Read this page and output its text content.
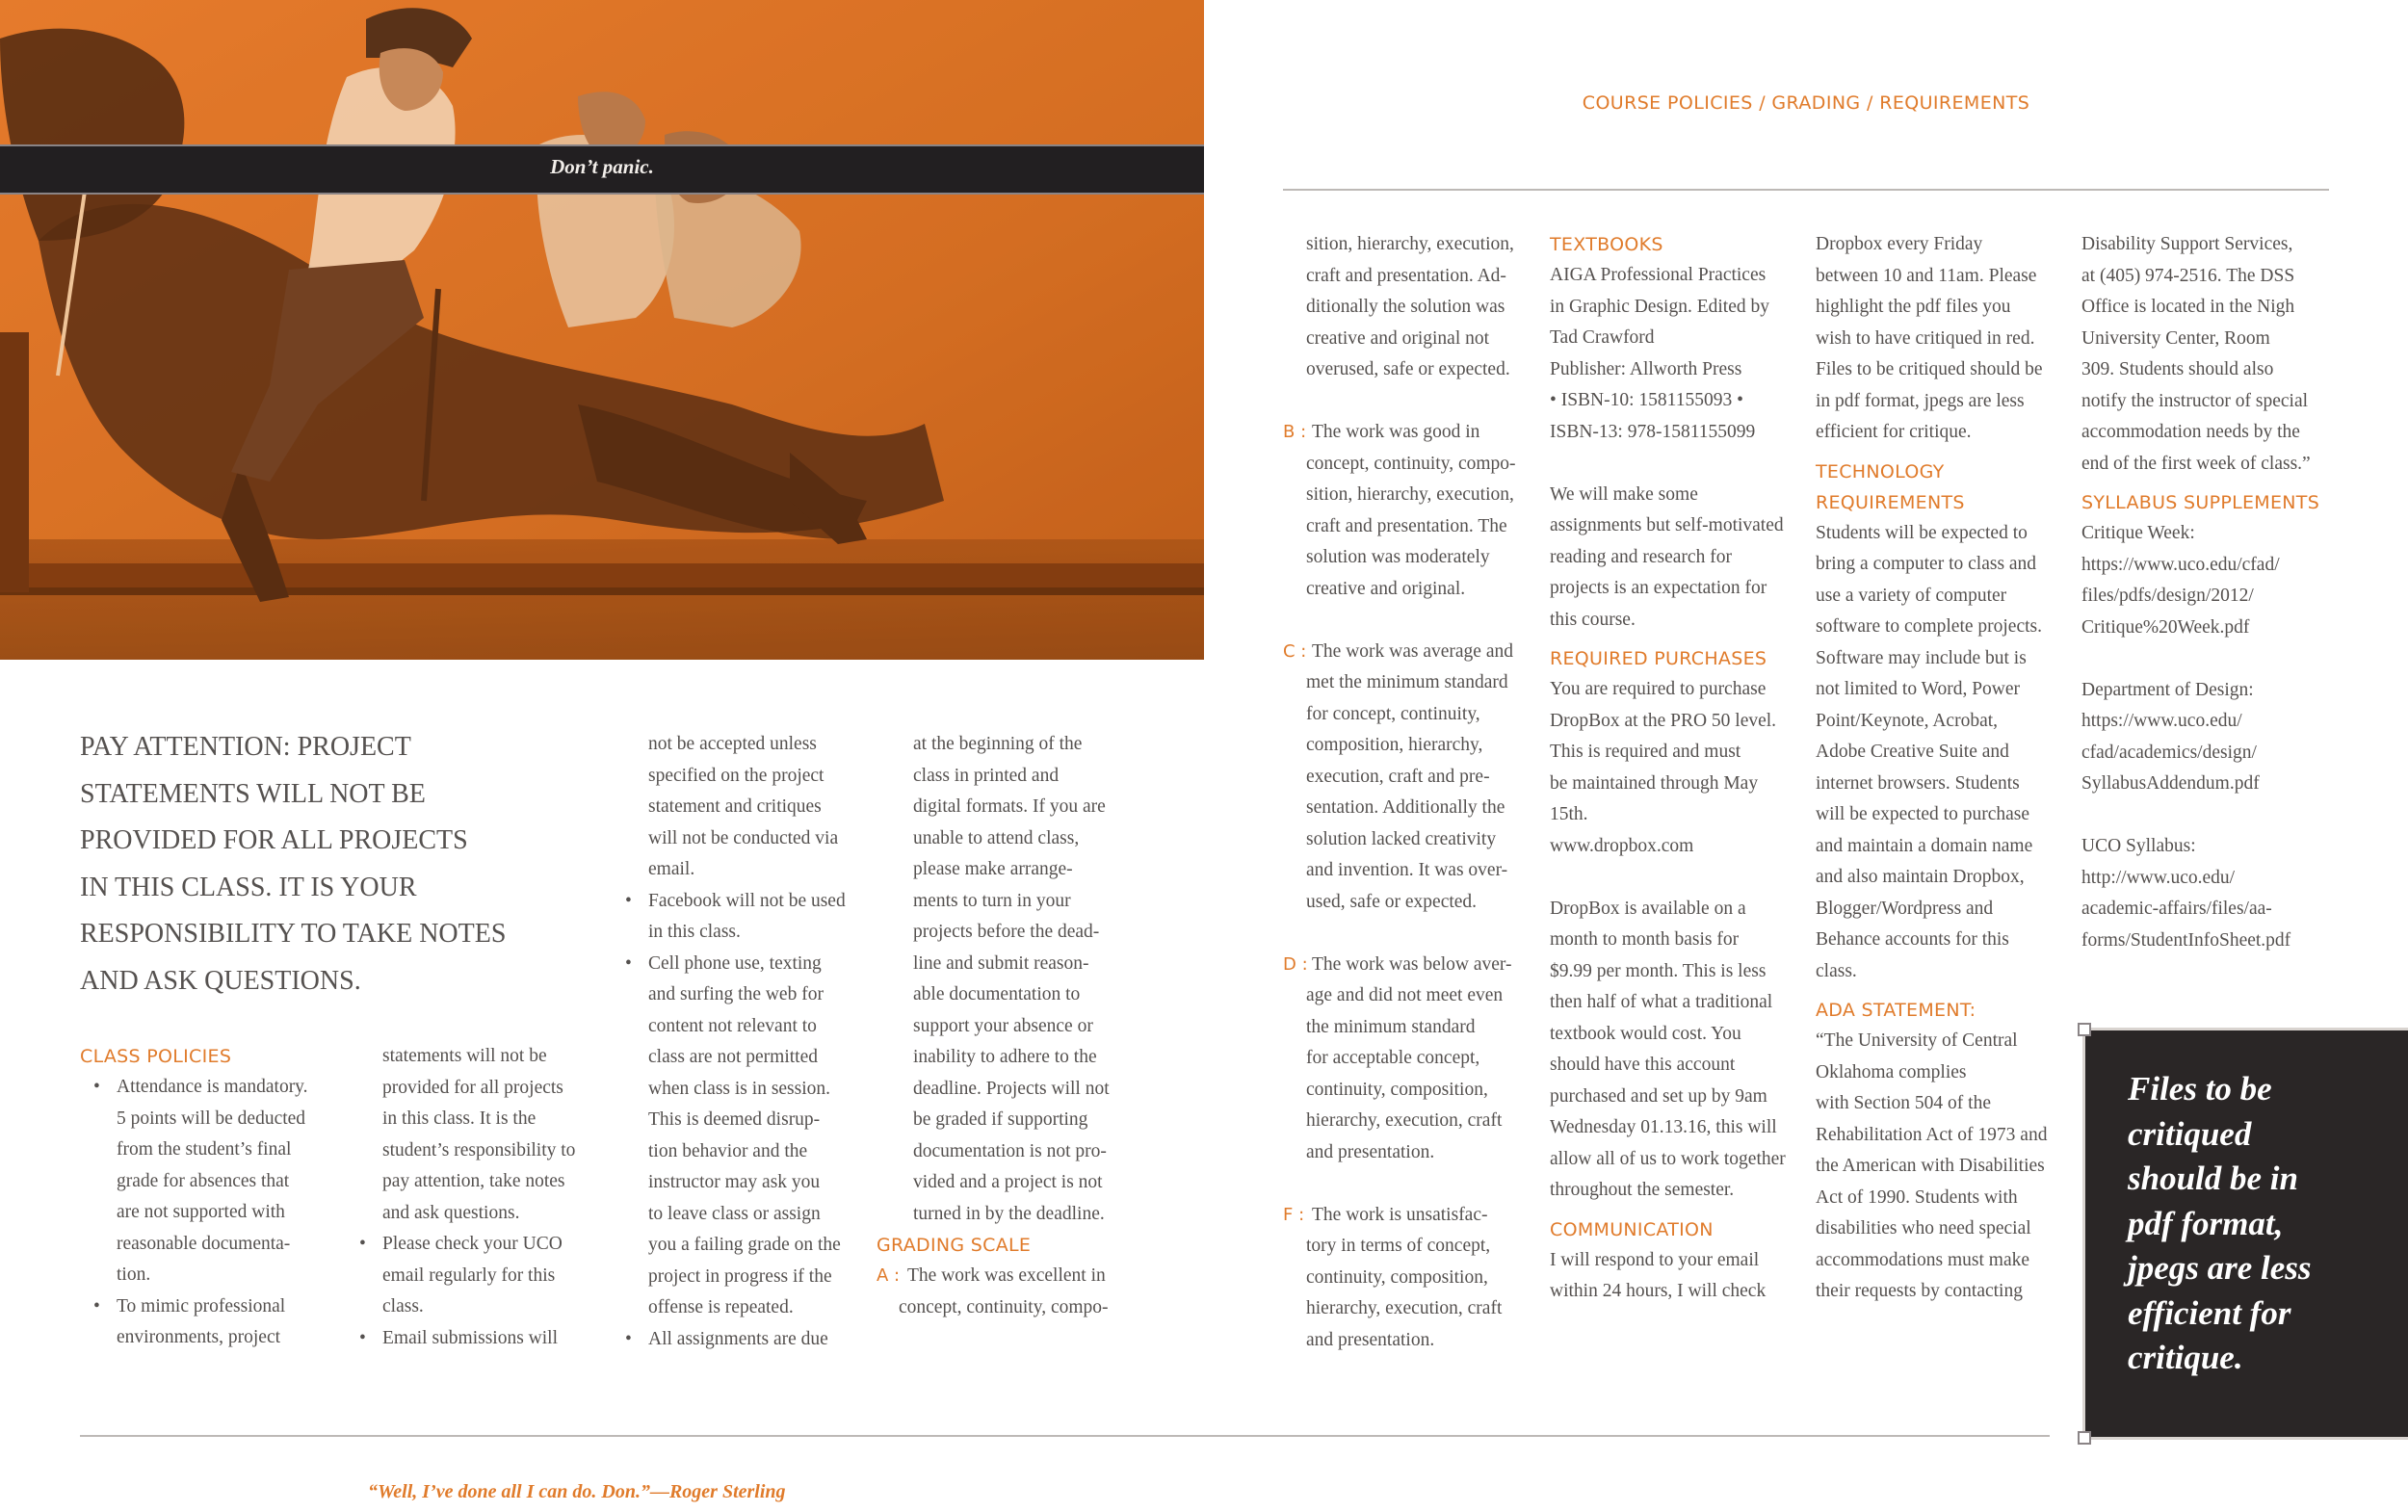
Don’t panic.
PAY ATTENTION: PROJECT
STATEMENTS WILL NOT BE
PROVIDED FOR ALL PROJECTS
IN THIS CLASS. IT IS YOUR
RESPONSIBILITY TO TAKE NOTES
AND ASK QUESTIONS.
CLASS POLICIES
• Attendance is mandatory.
5 points will be deducted
from the student’s final
grade for absences that
are not supported with
reasonable documenta-
tion.
• To mimic professional
environments, project
statements will not be
provided for all projects
in this class. It is the
student’s responsibility to
pay attention, take notes
and ask questions.
• Please check your UCO
email regularly for this
class.
• Email submissions will
not be accepted unless
specified on the project
statement and critiques
will not be conducted via
email.
• Facebook will not be used
in this class.
• Cell phone use, texting
and surfing the web for
content not relevant to
class are not permitted
when class is in session.
This is deemed disrup-
tion behavior and the
instructor may ask you
to leave class or assign
you a failing grade on the
project in progress if the
offense is repeated.
• All assignments are due
at the beginning of the
class in printed and
digital formats. If you are
unable to attend class,
please make arrange-
ments to turn in your
projects before the dead-
line and submit reason-
able documentation to
support your absence or
inability to adhere to the
deadline. Projects will not
be graded if supporting
documentation is not pro-
vided and a project is not
turned in by the deadline.
GRADING SCALE
A : The work was excellent in
concept, continuity, compo-
“Well, I’ve done all I can do. Don.”—Roger Sterling
COURSE POLICIES / GRADING / REQUIREMENTS
sition, hierarchy, execution,
craft and presentation. Ad-
ditionally the solution was
creative and original not
overused, safe or expected.
B : The work was good in
concept, continuity, compo-
sition, hierarchy, execution,
craft and presentation. The
solution was moderately
creative and original.
C : The work was average and
met the minimum standard
for concept, continuity,
composition, hierarchy,
execution, craft and pre-
sentation. Additionally the
solution lacked creativity
and invention. It was over-
used, safe or expected.
D : The work was below aver-
age and did not meet even
the minimum standard
for acceptable concept,
continuity, composition,
hierarchy, execution, craft
and presentation.
F : The work is unsatisfac-
tory in terms of concept,
continuity, composition,
hierarchy, execution, craft
and presentation.
TEXTBOOKS
AIGA Professional Practices
in Graphic Design. Edited by
Tad Crawford
Publisher: Allworth Press
• ISBN-10: 1581155093 •
ISBN-13: 978-1581155099
We will make some
assignments but self-motivated
reading and research for
projects is an expectation for
this course.
REQUIRED PURCHASES
You are required to purchase
DropBox at the PRO 50 level.
This is required and must
be maintained through May
15th.
www.dropbox.com
DropBox is available on a
month to month basis for
$9.99 per month. This is less
then half of what a traditional
textbook would cost. You
should have this account
purchased and set up by 9am
Wednesday 01.13.16, this will
allow all of us to work together
throughout the semester.
COMMUNICATION
I will respond to your email
within 24 hours, I will check
Dropbox every Friday
between 10 and 11am. Please
highlight the pdf files you
wish to have critiqued in red.
Files to be critiqued should be
in pdf format, jpegs are less
efficient for critique.
TECHNOLOGY
REQUIREMENTS
Students will be expected to
bring a computer to class and
use a variety of computer
software to complete projects.
Software may include but is
not limited to Word, Power
Point/Keynote, Acrobat,
Adobe Creative Suite and
internet browsers. Students
will be expected to purchase
and maintain a domain name
and also maintain Dropbox,
Blogger/Wordpress and
Behance accounts for this
class.
ADA STATEMENT:
“The University of Central
Oklahoma complies
with Section 504 of the
Rehabilitation Act of 1973 and
the American with Disabilities
Act of 1990. Students with
disabilities who need special
accommodations must make
their requests by contacting
Disability Support Services,
at (405) 974-2516. The DSS
Office is located in the Nigh
University Center, Room
309. Students should also
notify the instructor of special
accommodation needs by the
end of the first week of class.”
SYLLABUS SUPPLEMENTS
Critique Week:
https://www.uco.edu/cfad/
files/pdfs/design/2012/
Critique%20Week.pdf
Department of Design:
https://www.uco.edu/
cfad/academics/design/
SyllabusAddendum.pdf
UCO Syllabus:
http://www.uco.edu/
academic-affairs/files/aa-
forms/StudentInfoSheet.pdf
Files to be
critiqued
should be in
pdf format,
jpegs are less
efficient for
critique.
